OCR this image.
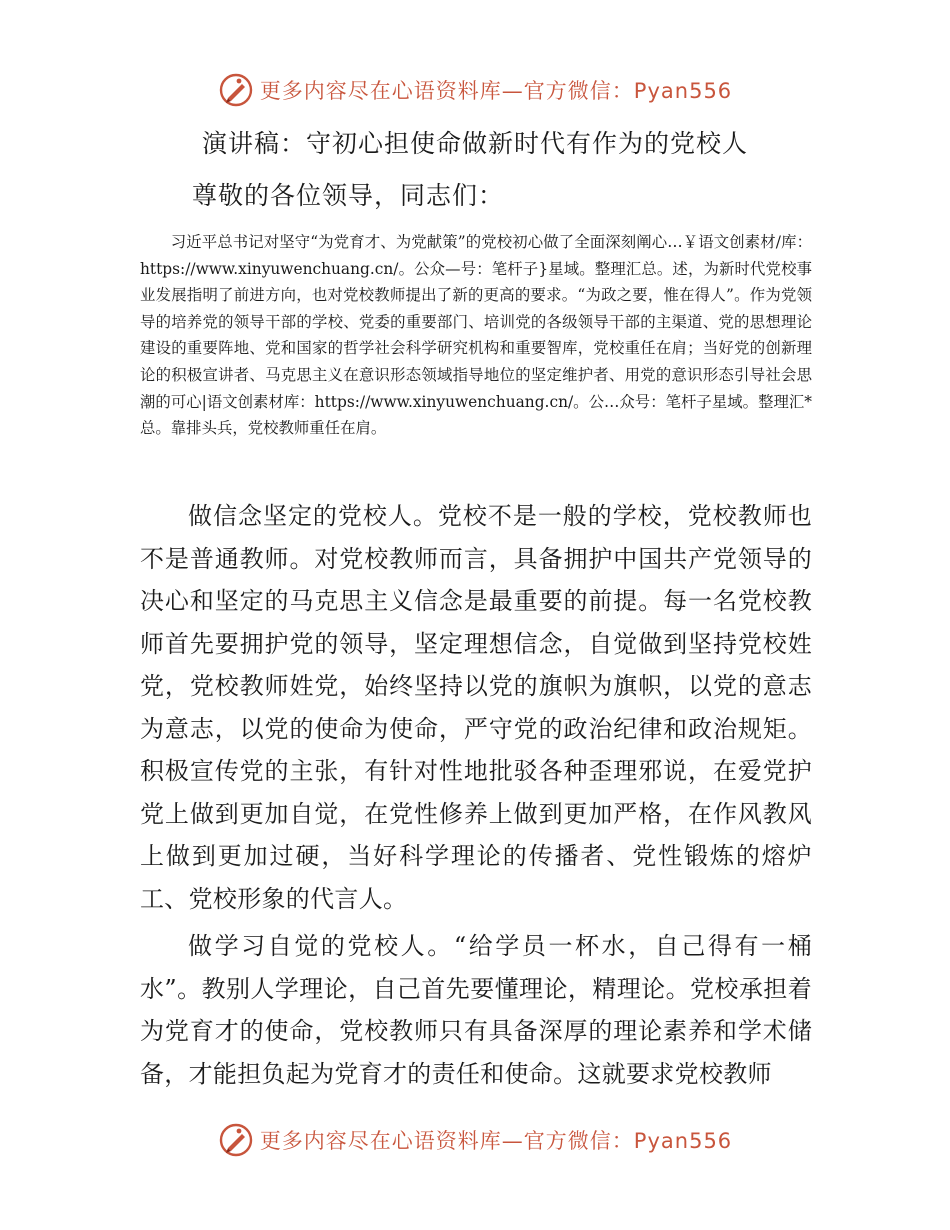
更多内容尽在心语资料库—官方微信：Pyan556
演讲稿：守初心担使命做新时代有作为的党校人

尊敬的各位领导，同志们：

习近平总书记对坚守“为党育才、为党献策”的党校初心做了全面深刻阐心…￥语文创素材/库：https://www.xinyuwenchuang.cn/。公众—号：笔杆子}星域。整理汇总。述，为新时代党校事业发展指明了前进方向，也对党校教师提出了新的更高的要求。“为政之要，惟在得人”。作为党领导的培养党的领导干部的学校、党委的重要部门、培训党的各级领导干部的主渠道、党的思想理论建设的重要阵地、党和国家的哲学社会科学研究机构和重要智库，党校重任在肩；当好党的创新理论的积极宣讲者、马克思主义在意识形态领域指导地位的坚定维护者、用党的意识形态引导社会思潮的可心|语文创素材库：https://www.xinyuwenchuang.cn/。公…众号：笔杆子星域。整理汇*总。靠排头兵，党校教师重任在肩。

做信念坚定的党校人。党校不是一般的学校，党校教师也不是普通教师。对党校教师而言，具备拥护中国共产党领导的决心和坚定的马克思主义信念是最重要的前提。每一名党校教师首先要拥护党的领导，坚定理想信念，自觉做到坚持党校姓党，党校教师姓党，始终坚持以党的旗帜为旗帜，以党的意志为意志，以党的使命为使命，严守党的政治纪律和政治规矩。积极宣传党的主张，有针对性地批驳各种歪理邪说，在爱党护党上做到更加自觉，在党性修养上做到更加严格，在作风教风上做到更加过硬，当好科学理论的传播者、党性锻炼的熔炉工、党校形象的代言人。

做学习自觉的党校人。“给学员一杯水，自己得有一桶水”。教别人学理论，自己首先要懂理论，精理论。党校承担着为党育才的使命，党校教师只有具备深厚的理论素养和学术储备，才能担负起为党育才的责任和使命。这就要求党校教师

更多内容尽在心语资料库—官方微信：Pyan556
